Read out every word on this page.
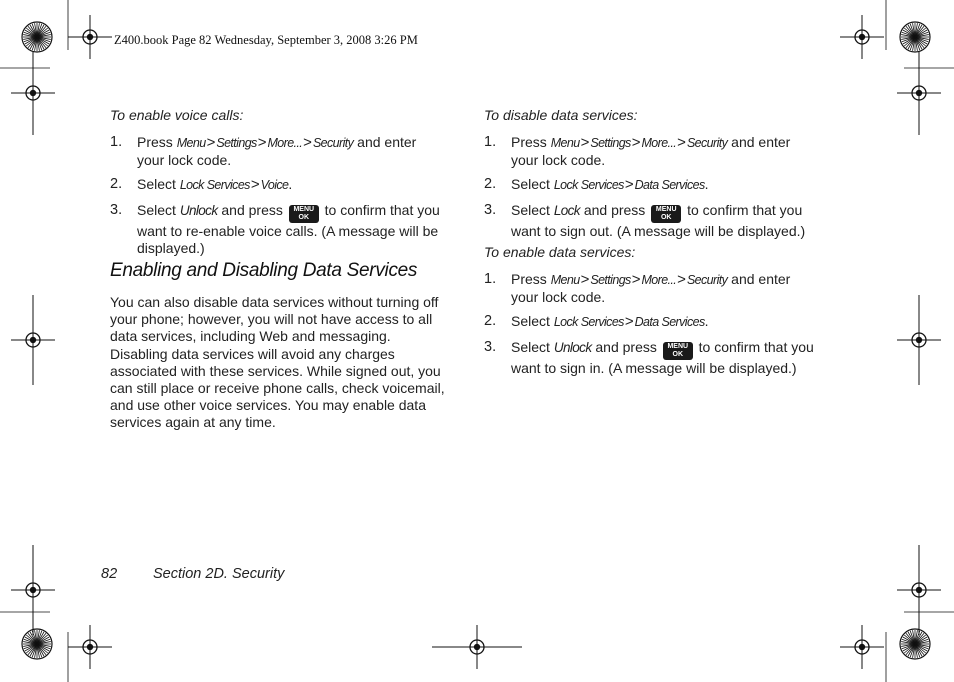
Z400.book Page 82 Wednesday, September 3, 2008 3:26 PM
To enable voice calls:
1. Press Menu>Settings>More...>Security and enter
your lock code.
2. Select Lock Services>Voice.
3. Select Unlock and press MENU
OK to confirm that you
want to re-enable voice calls. (A message will be
displayed.)
Enabling and Disabling Data Services
You can also disable data services without turning off
your phone; however, you will not have access to all
data services, including Web and messaging.
Disabling data services will avoid any charges
associated with these services. While signed out, you
can still place or receive phone calls, check voicemail,
and use other voice services. You may enable data
services again at any time.
To disable data services:
1. Press Menu>Settings>More...>Security and enter
your lock code.
2. Select Lock Services>Data Services.
3. Select Lock and press MENU
OK to confirm that you
want to sign out. (A message will be displayed.)
To enable data services:
1. Press Menu>Settings>More...>Security and enter
your lock code.
2. Select Lock Services>Data Services.
3. Select Unlock and press MENU
OK to confirm that you
want to sign in. (A message will be displayed.)
82 Section 2D. Security
